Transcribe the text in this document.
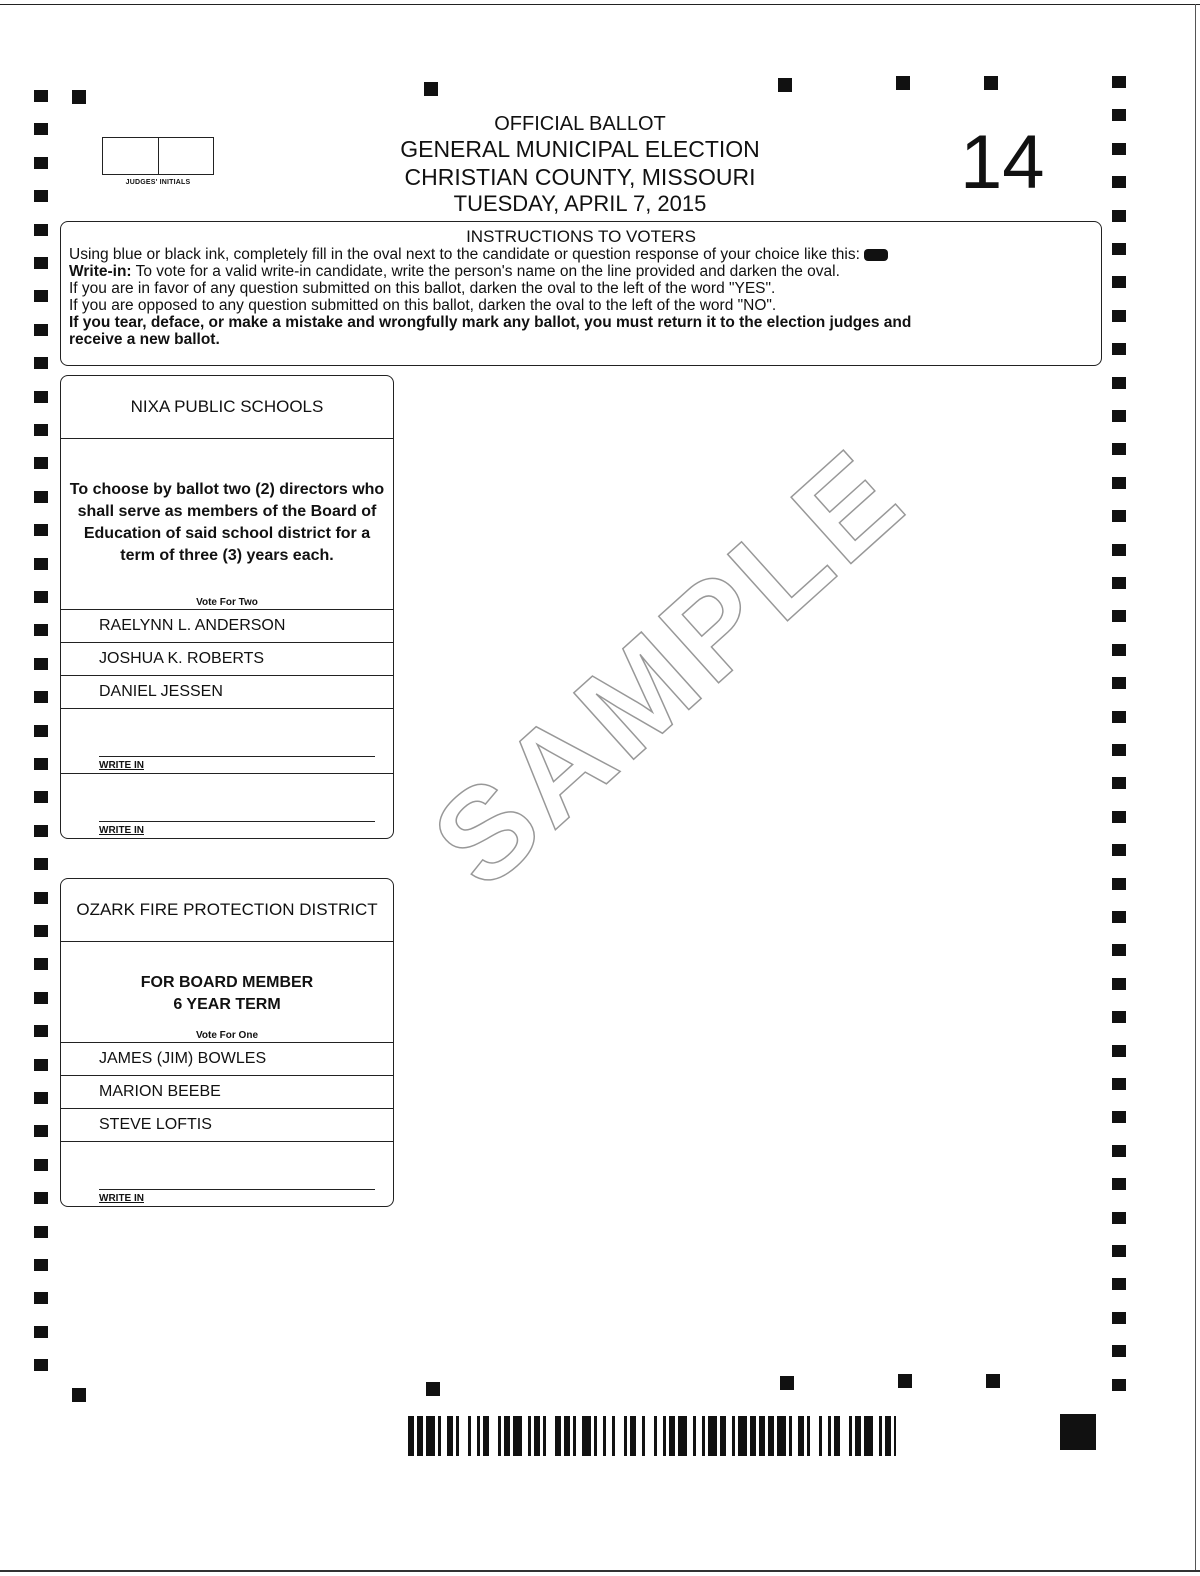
JUDGES' INITIALS
OFFICIAL BALLOT
GENERAL MUNICIPAL ELECTION
CHRISTIAN COUNTY, MISSOURI
TUESDAY, APRIL 7, 2015	14
INSTRUCTIONS TO VOTERS

Using blue or black ink, completely fill in the oval next to the candidate or question response of your choice like this:

Write-in: To vote for a valid write-in candidate, write the person's name on the line provided and darken the oval.

If you are in favor of any question submitted on this ballot, darken the oval to the left of the word "YES".

If you are opposed to any question submitted on this ballot, darken the oval to the left of the word "NO".

If you tear, deface, or make a mistake and wrongfully mark any ballot, you must return it to the election judges and

receive a new ballot.

NIXA PUBLIC SCHOOLS
To choose by ballot two (2) directors who shall serve as members of the Board of Education of said school district for a term of three (3) years each.
Vote For Two
RAELYNN L. ANDERSON
JOSHUA K. ROBERTS
DANIEL JESSEN
WRITE IN
WRITE IN
OZARK FIRE PROTECTION DISTRICT
FOR BOARD MEMBER
6 YEAR TERM
Vote For One
JAMES (JIM) BOWLES
MARION BEEBE
STEVE LOFTIS
WRITE IN
SAMPLE
